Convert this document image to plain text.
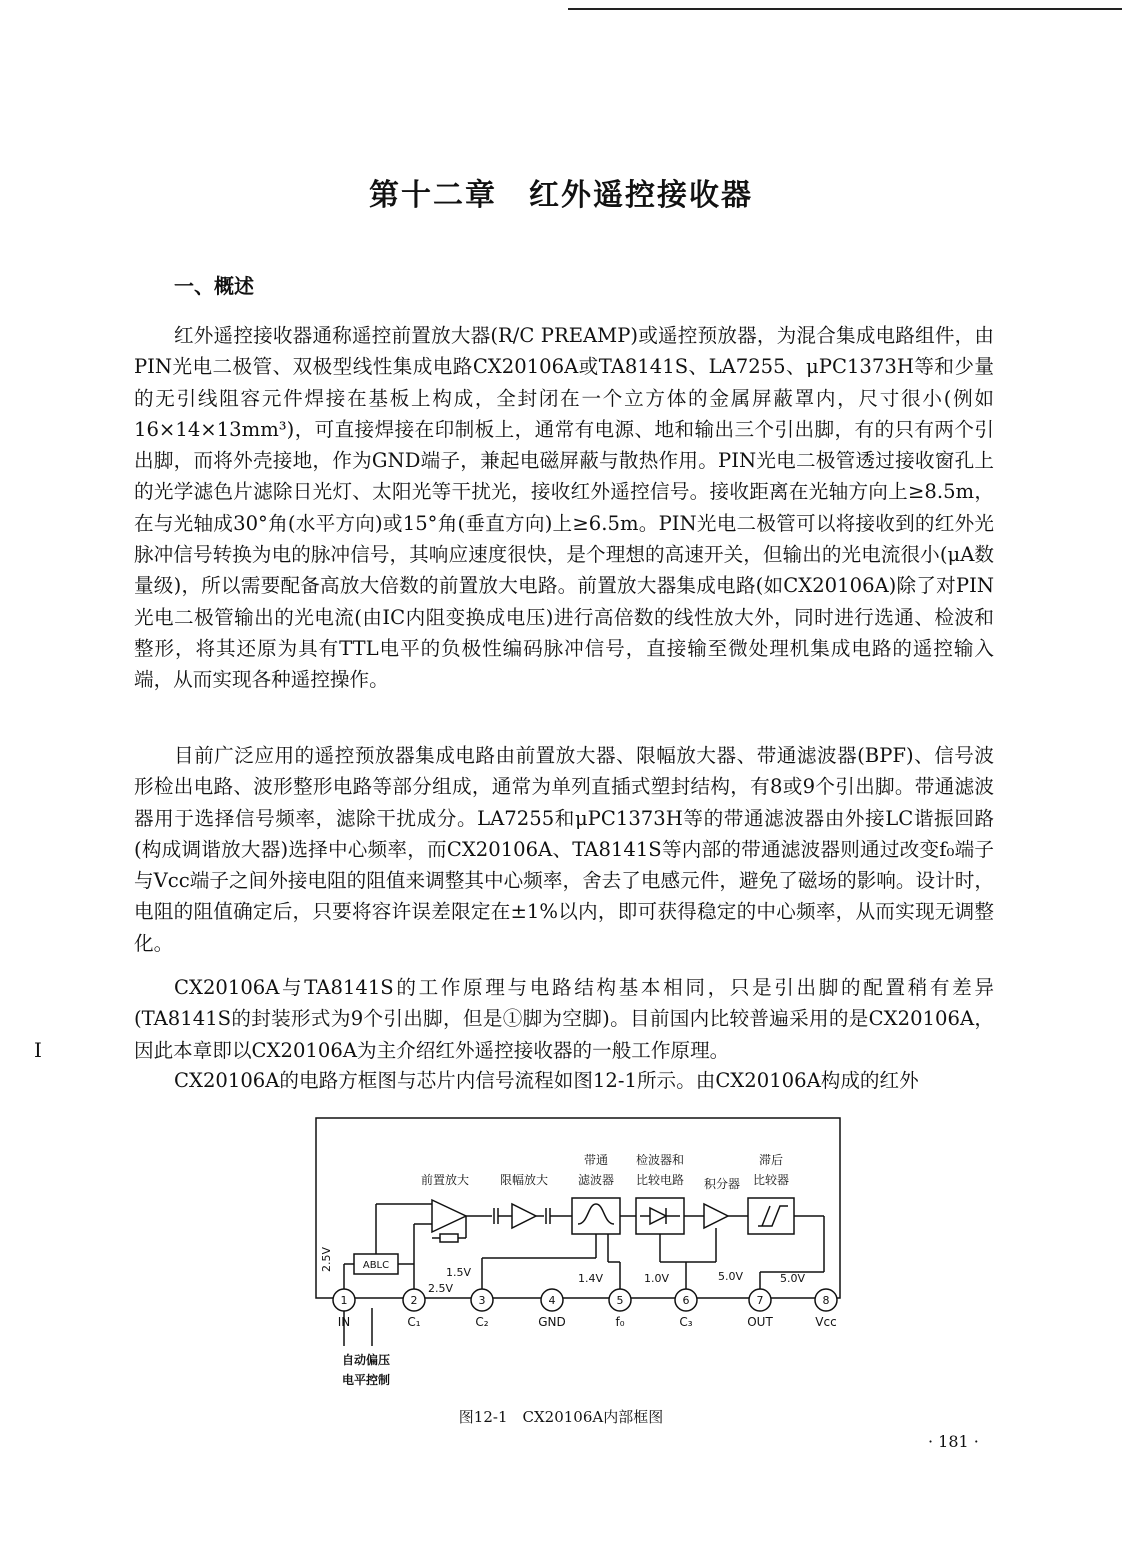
第十二章　红外遥控接收器
一、概述

红外遥控接收器通称遥控前置放大器(R/C PREAMP)或遥控预放器，为混合集成电路组件，由PIN光电二极管、双极型线性集成电路CX20106A或TA8141S、LA7255、μPC1373H等和少量的无引线阻容元件焊接在基板上构成，全封闭在一个立方体的金属屏蔽罩内，尺寸很小(例如16×14×13mm³)，可直接焊接在印制板上，通常有电源、地和输出三个引出脚，有的只有两个引出脚，而将外壳接地，作为GND端子，兼起电磁屏蔽与散热作用。PIN光电二极管透过接收窗孔上的光学滤色片滤除日光灯、太阳光等干扰光，接收红外遥控信号。接收距离在光轴方向上≥8.5m，在与光轴成30°角(水平方向)或15°角(垂直方向)上≥6.5m。PIN光电二极管可以将接收到的红外光脉冲信号转换为电的脉冲信号，其响应速度很快，是个理想的高速开关，但输出的光电流很小(μA数量级)，所以需要配备高放大倍数的前置放大电路。前置放大器集成电路(如CX20106A)除了对PIN光电二极管输出的光电流(由IC内阻变换成电压)进行高倍数的线性放大外，同时进行选通、检波和整形，将其还原为具有TTL电平的负极性编码脉冲信号，直接输至微处理机集成电路的遥控输入端，从而实现各种遥控操作。

目前广泛应用的遥控预放器集成电路由前置放大器、限幅放大器、带通滤波器(BPF)、信号波形检出电路、波形整形电路等部分组成，通常为单列直插式塑封结构，有8或9个引出脚。带通滤波器用于选择信号频率，滤除干扰成分。LA7255和μPC1373H等的带通滤波器由外接LC谐振回路(构成调谐放大器)选择中心频率，而CX20106A、TA8141S等内部的带通滤波器则通过改变f₀端子与Vcc端子之间外接电阻的阻值来调整其中心频率，舍去了电感元件，避免了磁场的影响。设计时，电阻的阻值确定后，只要将容许误差限定在±1%以内，即可获得稳定的中心频率，从而实现无调整化。

CX20106A与TA8141S的工作原理与电路结构基本相同，只是引出脚的配置稍有差异(TA8141S的封装形式为9个引出脚，但是①脚为空脚)。目前国内比较普遍采用的是CX20106A，因此本章即以CX20106A为主介绍红外遥控接收器的一般工作原理。

CX20106A的电路方框图与芯片内信号流程如图12-1所示。由CX20106A构成的红外

I
前置放大	限幅放大
带通
滤波器
检波器和
比较电路 积分器
滞后
比较器
ABLC
2.5V
2.5V
1.5V	1.4V	1.0V	5.0V	5.0V
1	2	3	4	5	6	7	8
IN	C₁	C₂	GND	f₀	C₃	OUT	Vcc
自动偏压
电平控制
图12-1　CX20106A内部框图
· 181 ·
